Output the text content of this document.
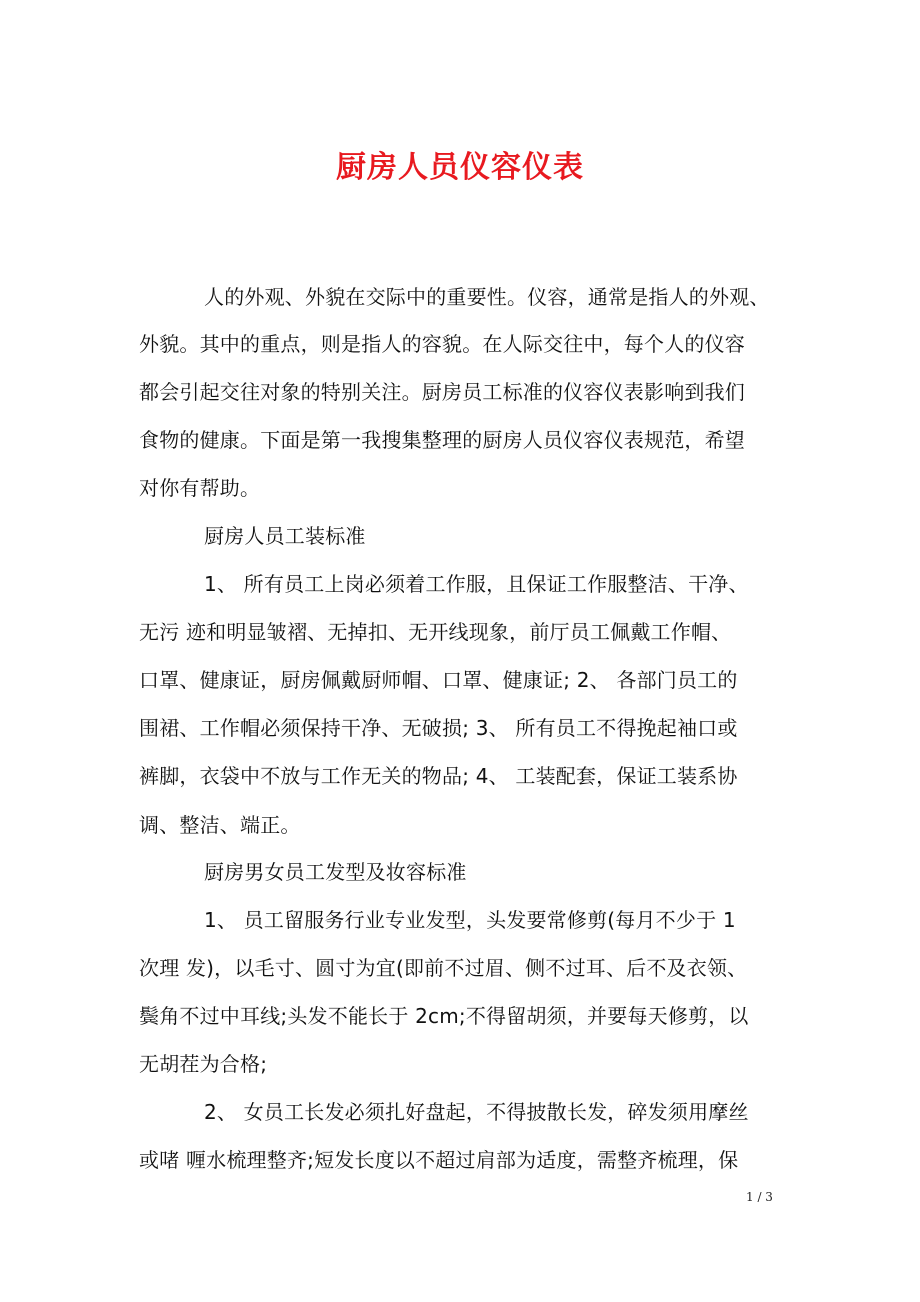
厨房人员仪容仪表
人的外观、外貌在交际中的重要性。仪容，通常是指人的外观、
外貌。其中的重点，则是指人的容貌。在人际交往中，每个人的仪容
都会引起交往对象的特别关注。厨房员工标准的仪容仪表影响到我们
食物的健康。下面是第一我搜集整理的厨房人员仪容仪表规范，希望
对你有帮助。
厨房人员工装标准
1、 所有员工上岗必须着工作服，且保证工作服整洁、干净、
无污 迹和明显皱褶、无掉扣、无开线现象，前厅员工佩戴工作帽、
口罩、健康证，厨房佩戴厨师帽、口罩、健康证; 2、 各部门员工的
围裙、工作帽必须保持干净、无破损; 3、 所有员工不得挽起袖口或
裤脚，衣袋中不放与工作无关的物品; 4、 工装配套，保证工装系协
调、整洁、端正。
厨房男女员工发型及妆容标准
1、 员工留服务行业专业发型，头发要常修剪(每月不少于 1
次理 发)，以毛寸、圆寸为宜(即前不过眉、侧不过耳、后不及衣领、
鬓角不过中耳线;头发不能长于 2cm;不得留胡须，并要每天修剪，以
无胡茬为合格;
2、 女员工长发必须扎好盘起，不得披散长发，碎发须用摩丝
或啫 喱水梳理整齐;短发长度以不超过肩部为适度，需整齐梳理，保
1 / 3
